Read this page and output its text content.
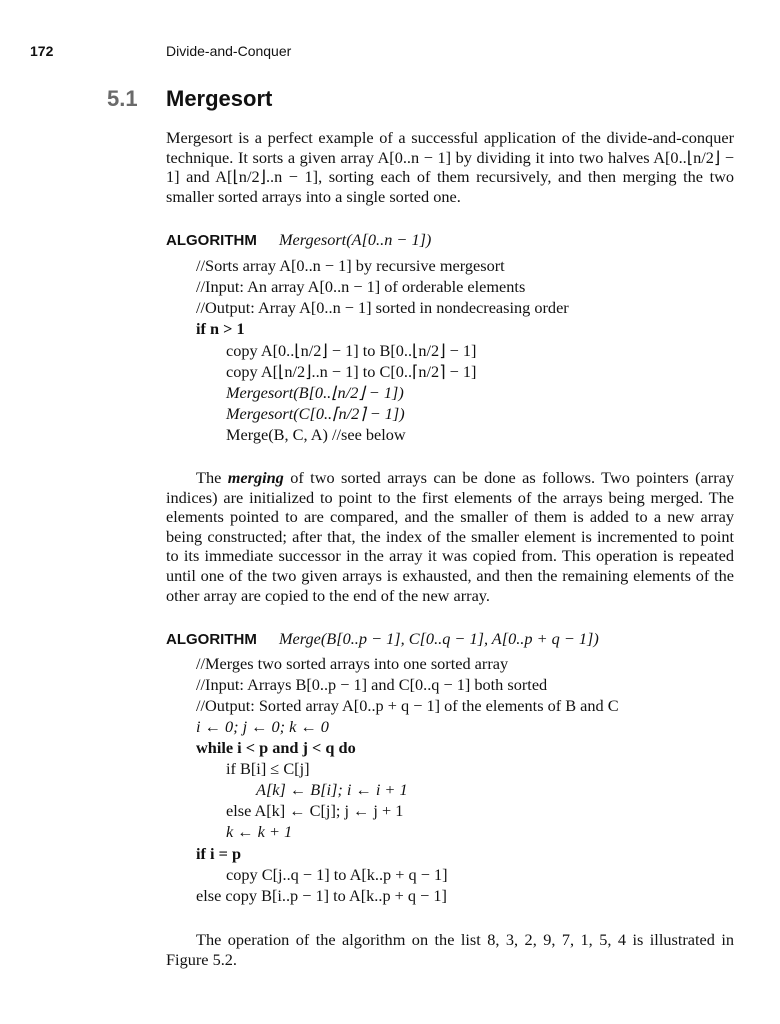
172	Divide-and-Conquer
5.1 Mergesort
Mergesort is a perfect example of a successful application of the divide-and-conquer technique. It sorts a given array A[0..n − 1] by dividing it into two halves A[0..⌊n/2⌋ − 1] and A[⌊n/2⌋..n − 1], sorting each of them recursively, and then merging the two smaller sorted arrays into a single sorted one.
ALGORITHM Mergesort(A[0..n − 1])
//Sorts array A[0..n − 1] by recursive mergesort
//Input: An array A[0..n − 1] of orderable elements
//Output: Array A[0..n − 1] sorted in nondecreasing order
if n > 1
copy A[0..⌊n/2⌋ − 1] to B[0..⌊n/2⌋ − 1]
copy A[⌊n/2⌋..n − 1] to C[0..⌈n/2⌉ − 1]
Mergesort(B[0..⌊n/2⌋ − 1])
Mergesort(C[0..⌈n/2⌉ − 1])
Merge(B, C, A) //see below
The merging of two sorted arrays can be done as follows. Two pointers (array indices) are initialized to point to the first elements of the arrays being merged. The elements pointed to are compared, and the smaller of them is added to a new array being constructed; after that, the index of the smaller element is incremented to point to its immediate successor in the array it was copied from. This operation is repeated until one of the two given arrays is exhausted, and then the remaining elements of the other array are copied to the end of the new array.
ALGORITHM Merge(B[0..p − 1], C[0..q − 1], A[0..p + q − 1])
//Merges two sorted arrays into one sorted array
//Input: Arrays B[0..p − 1] and C[0..q − 1] both sorted
//Output: Sorted array A[0..p + q − 1] of the elements of B and C
i ← 0; j ← 0; k ← 0
while i < p and j < q do
if B[i] ≤ C[j]
A[k] ← B[i]; i ← i + 1
else A[k] ← C[j]; j ← j + 1
k ← k + 1
if i = p
copy C[j..q − 1] to A[k..p + q − 1]
else copy B[i..p − 1] to A[k..p + q − 1]
The operation of the algorithm on the list 8, 3, 2, 9, 7, 1, 5, 4 is illustrated in Figure 5.2.
